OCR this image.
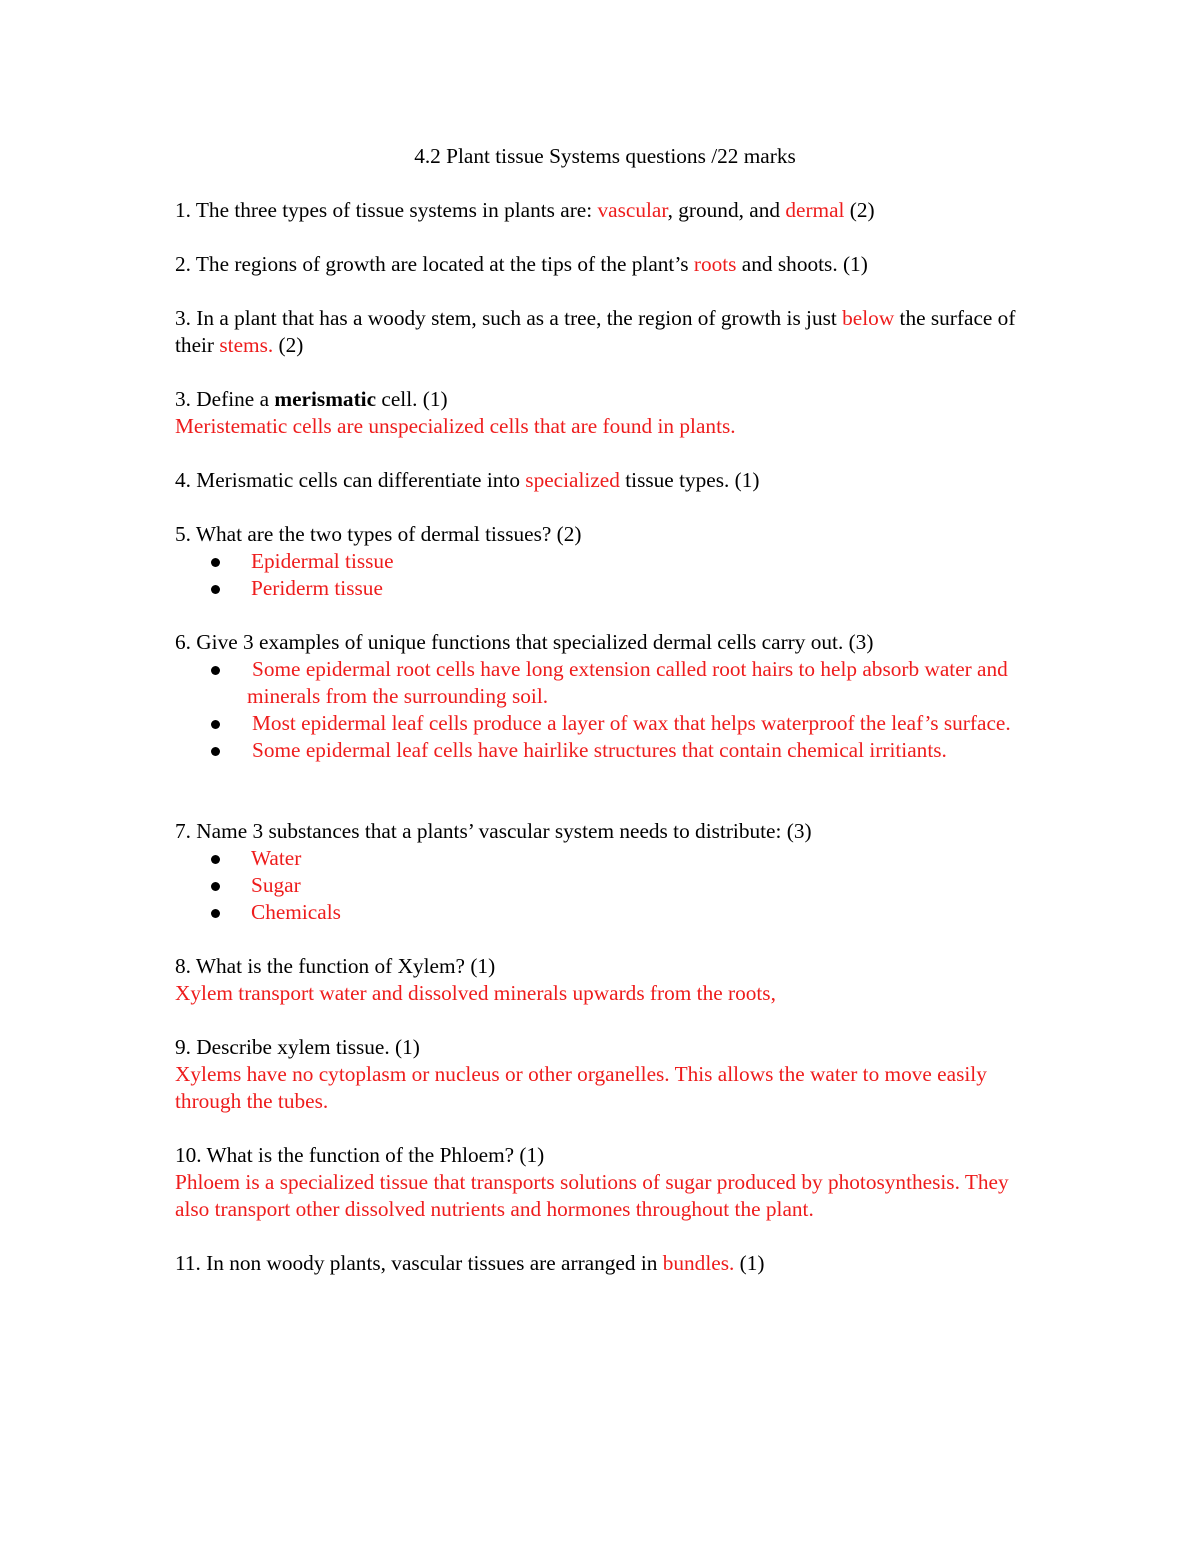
4.2 Plant tissue Systems questions /22 marks

1. The three types of tissue systems in plants are: vascular, ground, and dermal (2)

2. The regions of growth are located at the tips of the plant’s roots and shoots. (1)

3. In a plant that has a woody stem, such as a tree, the region of growth is just below the surface of their stems. (2)

3. Define a merismatic cell. (1)

Meristematic cells are unspecialized cells that are found in plants.

4. Merismatic cells can differentiate into specialized tissue types. (1)

5. What are the two types of dermal tissues? (2)

Epidermal tissue
Periderm tissue

6. Give 3 examples of unique functions that specialized dermal cells carry out. (3)

Some epidermal root cells have long extension called root hairs to help absorb water and minerals from the surrounding soil.
Most epidermal leaf cells produce a layer of wax that helps waterproof the leaf’s surface.
Some epidermal leaf cells have hairlike structures that contain chemical irritiants.

7. Name 3 substances that a plants’ vascular system needs to distribute: (3)

Water
Sugar
Chemicals

8. What is the function of Xylem? (1)

Xylem transport water and dissolved minerals upwards from the roots,

9. Describe xylem tissue. (1)

Xylems have no cytoplasm or nucleus or other organelles. This allows the water to move easily through the tubes.

10. What is the function of the Phloem? (1)

Phloem is a specialized tissue that transports solutions of sugar produced by photosynthesis. They also transport other dissolved nutrients and hormones throughout the plant.

11. In non woody plants, vascular tissues are arranged in bundles. (1)
